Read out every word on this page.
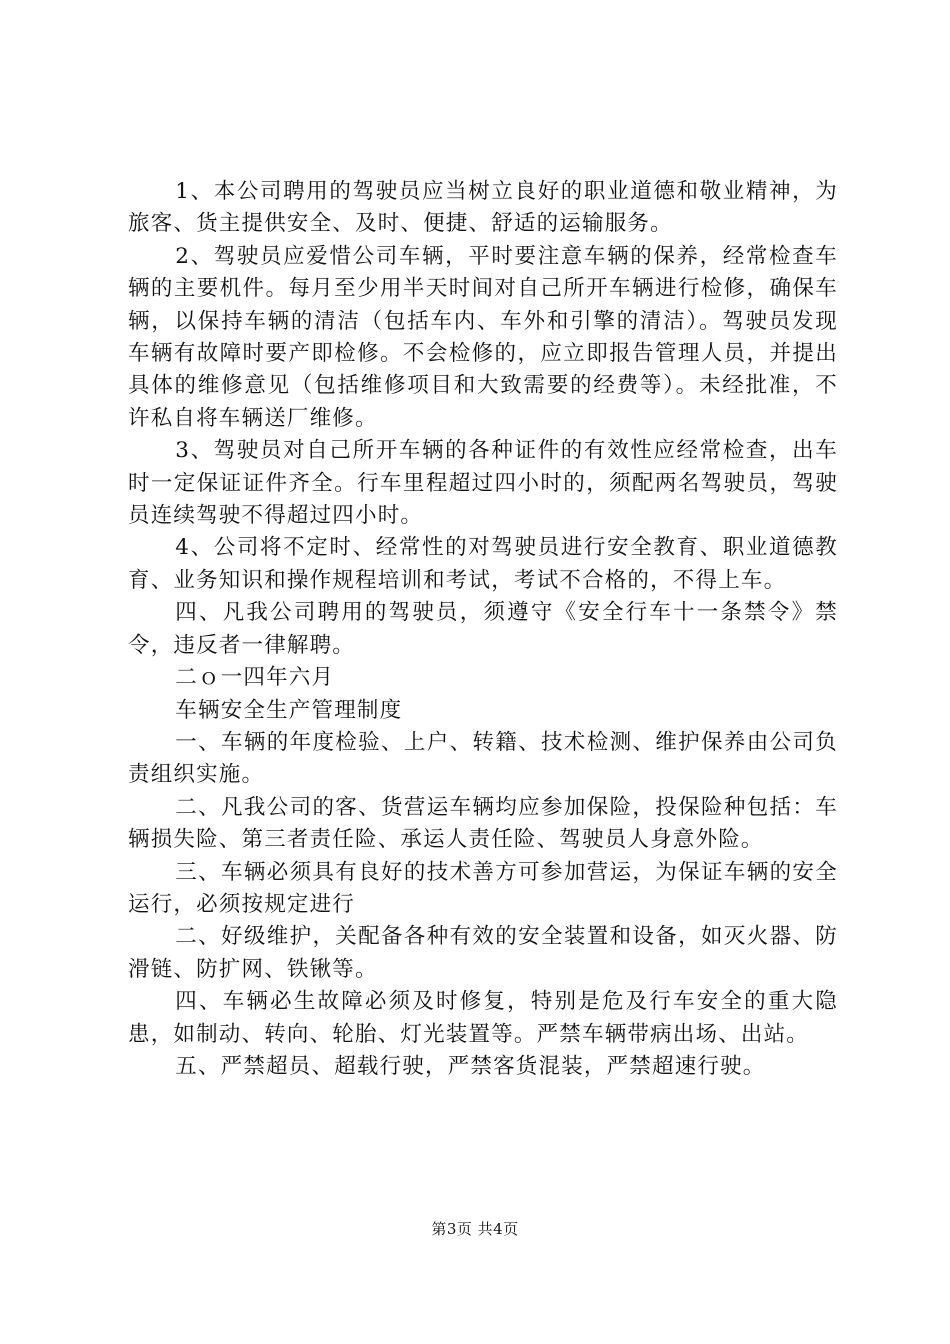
1、本公司聘用的驾驶员应当树立良好的职业道德和敬业精神，为旅客、货主提供安全、及时、便捷、舒适的运输服务。

2、驾驶员应爱惜公司车辆，平时要注意车辆的保养，经常检查车辆的主要机件。每月至少用半天时间对自己所开车辆进行检修，确保车辆，以保持车辆的清洁（包括车内、车外和引擎的清洁）。驾驶员发现车辆有故障时要产即检修。不会检修的，应立即报告管理人员，并提出具体的维修意见（包括维修项目和大致需要的经费等）。未经批准，不许私自将车辆送厂维修。

3、驾驶员对自己所开车辆的各种证件的有效性应经常检查，出车时一定保证证件齐全。行车里程超过四小时的，须配两名驾驶员，驾驶员连续驾驶不得超过四小时。

4、公司将不定时、经常性的对驾驶员进行安全教育、职业道德教育、业务知识和操作规程培训和考试，考试不合格的，不得上车。

四、凡我公司聘用的驾驶员，须遵守《安全行车十一条禁令》禁令，违反者一律解聘。

二ｏ一四年六月

车辆安全生产管理制度

一、车辆的年度检验、上户、转籍、技术检测、维护保养由公司负责组织实施。

二、凡我公司的客、货营运车辆均应参加保险，投保险种包括：车辆损失险、第三者责任险、承运人责任险、驾驶员人身意外险。

三、车辆必须具有良好的技术善方可参加营运，为保证车辆的安全运行，必须按规定进行

二、好级维护，关配备各种有效的安全装置和设备，如灭火器、防滑链、防扩网、铁锹等。

四、车辆必生故障必须及时修复，特别是危及行车安全的重大隐患，如制动、转向、轮胎、灯光装置等。严禁车辆带病出场、出站。

五、严禁超员、超载行驶，严禁客货混装，严禁超速行驶。

第3页 共4页
